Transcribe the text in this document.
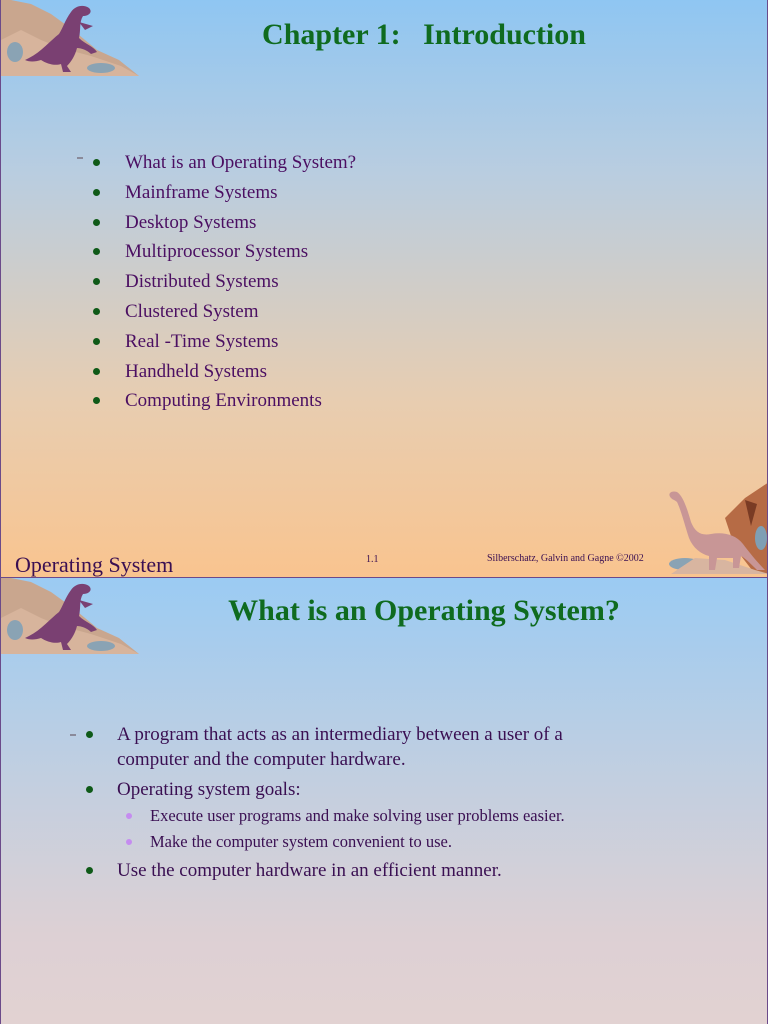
Chapter 1:   Introduction
What is an Operating System?
Mainframe Systems
Desktop Systems
Multiprocessor Systems
Distributed Systems
Clustered System
Real -Time Systems
Handheld Systems
Computing Environments
Operating System	1.1	Silberschatz, Galvin and Gagne ©2002
What is an Operating System?
A program that acts as an intermediary between a user of a
computer and the computer hardware.
Operating system goals:
Execute user programs and make solving user problems easier.
Make the computer system convenient to use.
Use the computer hardware in an efficient manner.
